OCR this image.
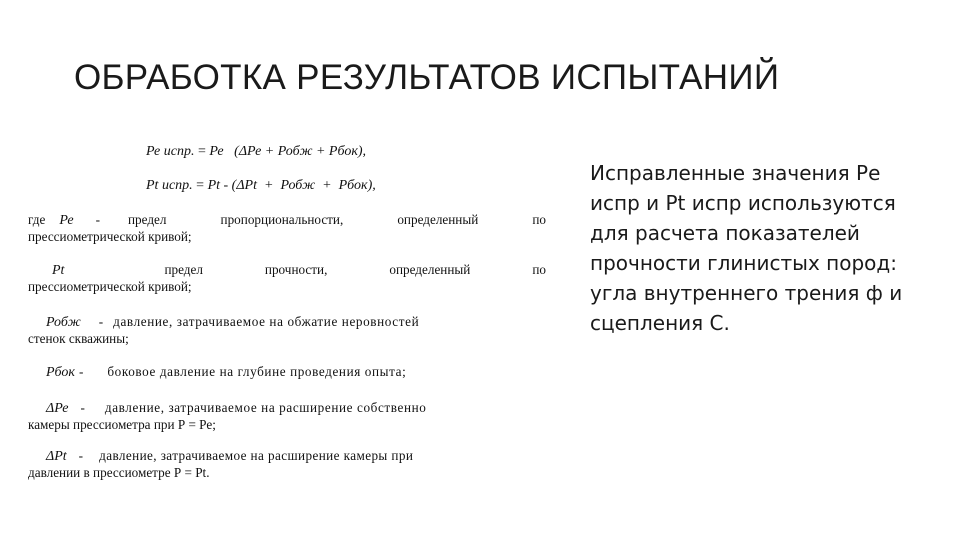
ОБРАБОТКА РЕЗУЛЬТАТОВ ИСПЫТАНИЙ
Ре испр. = Ре   (ΔРе + Робж + Рбок),
Рt испр. = Рt - (ΔРt  +  Робж  +  Рбок),
где Ре - предел	пропорциональности,	определенный	по
прессиометрической кривой;
Рt	предел	прочности,	определенный	по
прессиометрической кривой;
Робж - давление, затрачиваемое на обжатие неровностей
стенок скважины;
Рбок - боковое давление на глубине проведения опыта;
ΔРе - давление, затрачиваемое на расширение собственно
камеры прессиометра при Р = Ре;
ΔРt - давление, затрачиваемое на расширение камеры при
давлении в прессиометре Р = Рt.
Исправленные значения Ре
испр и Рt испр используются
для расчета показателей
прочности глинистых пород:
угла внутреннего трения ф и
сцепления С.
